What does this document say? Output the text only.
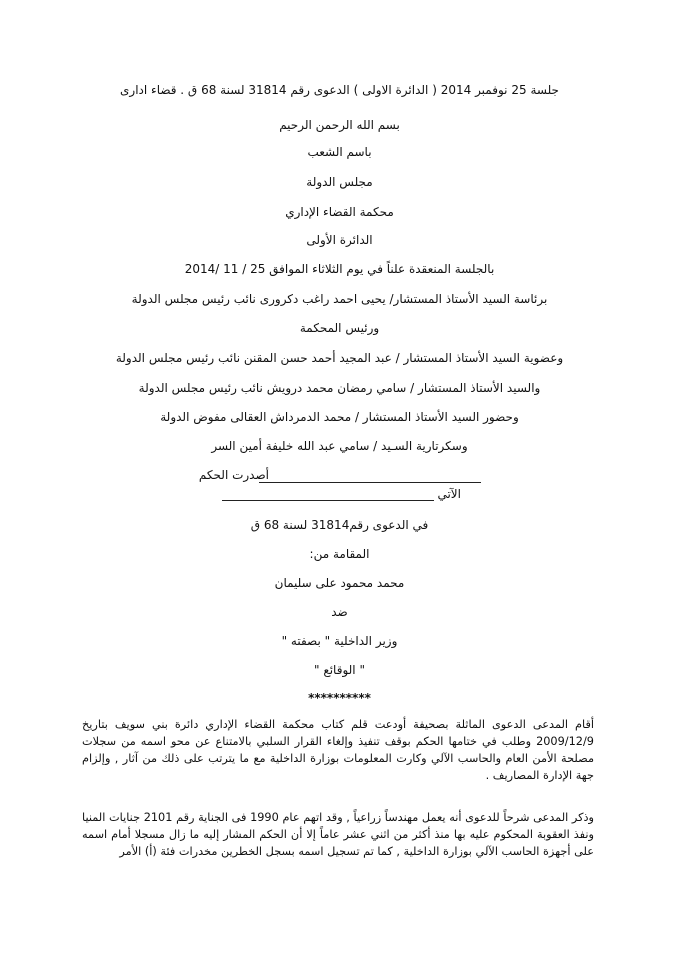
جلسة 25 نوفمبر 2014 ( الدائرة الاولى ) الدعوى رقم 31814 لسنة 68 ق . قضاء ادارى
بسم الله الرحمن الرحيم
باسم الشعب
مجلس الدولة
محكمة القضاء الإداري
الدائرة الأولى
بالجلسة المنعقدة علناً في يوم الثلاثاء الموافق 25 / 11 /2014
برئاسة السيد الأستاذ المستشار/ يحيى احمد راغب دكرورى نائب رئيس مجلس الدولة
ورئيس المحكمة
وعضوية السيد الأستاذ المستشار / عبد المجيد أحمد حسن المقنن نائب رئيس مجلس الدولة
والسيد الأستاذ المستشار / سامي رمضان محمد درويش نائب رئيس مجلس الدولة
وحضور السيد الأستاذ المستشار / محمد الدمرداش العقالى مفوض الدولة
وسكرتارية السـيد / سامي عبد الله خليفة أمين السر
أصدرت الحكم
الآتي
في الدعوى رقم31814 لسنة 68 ق
المقامة من:
محمد محمود على سليمان
ضد
وزير الداخلية " بصفته "
" الوقائع "
**********
أقام المدعى الدعوى الماثلة بصحيفة أودعت قلم كتاب محكمة القضاء الإداري دائرة بني سويف بتاريخ 2009/12/9 وطلب في ختامها الحكم بوقف تنفيذ وإلغاء القرار السلبي بالامتناع عن محو اسمه من سجلات مصلحة الأمن العام والحاسب الآلي وكارت المعلومات بوزارة الداخلية مع ما يترتب على ذلك من آثار , وإلزام جهة الإدارة المصاريف .
وذكر المدعى شرحاً للدعوى أنه يعمل مهندساً زراعياً , وقد اتهم عام 1990 فى الجناية رقم 2101 جنايات المنيا ونفذ العقوبة المحكوم عليه بها منذ أكثر من اثني عشر عاماً إلا أن الحكم المشار إليه ما زال مسجلا أمام اسمه على أجهزة الحاسب الآلي بوزارة الداخلية , كما تم تسجيل اسمه بسجل الخطرين مخدرات فئة (أ) الأمر
